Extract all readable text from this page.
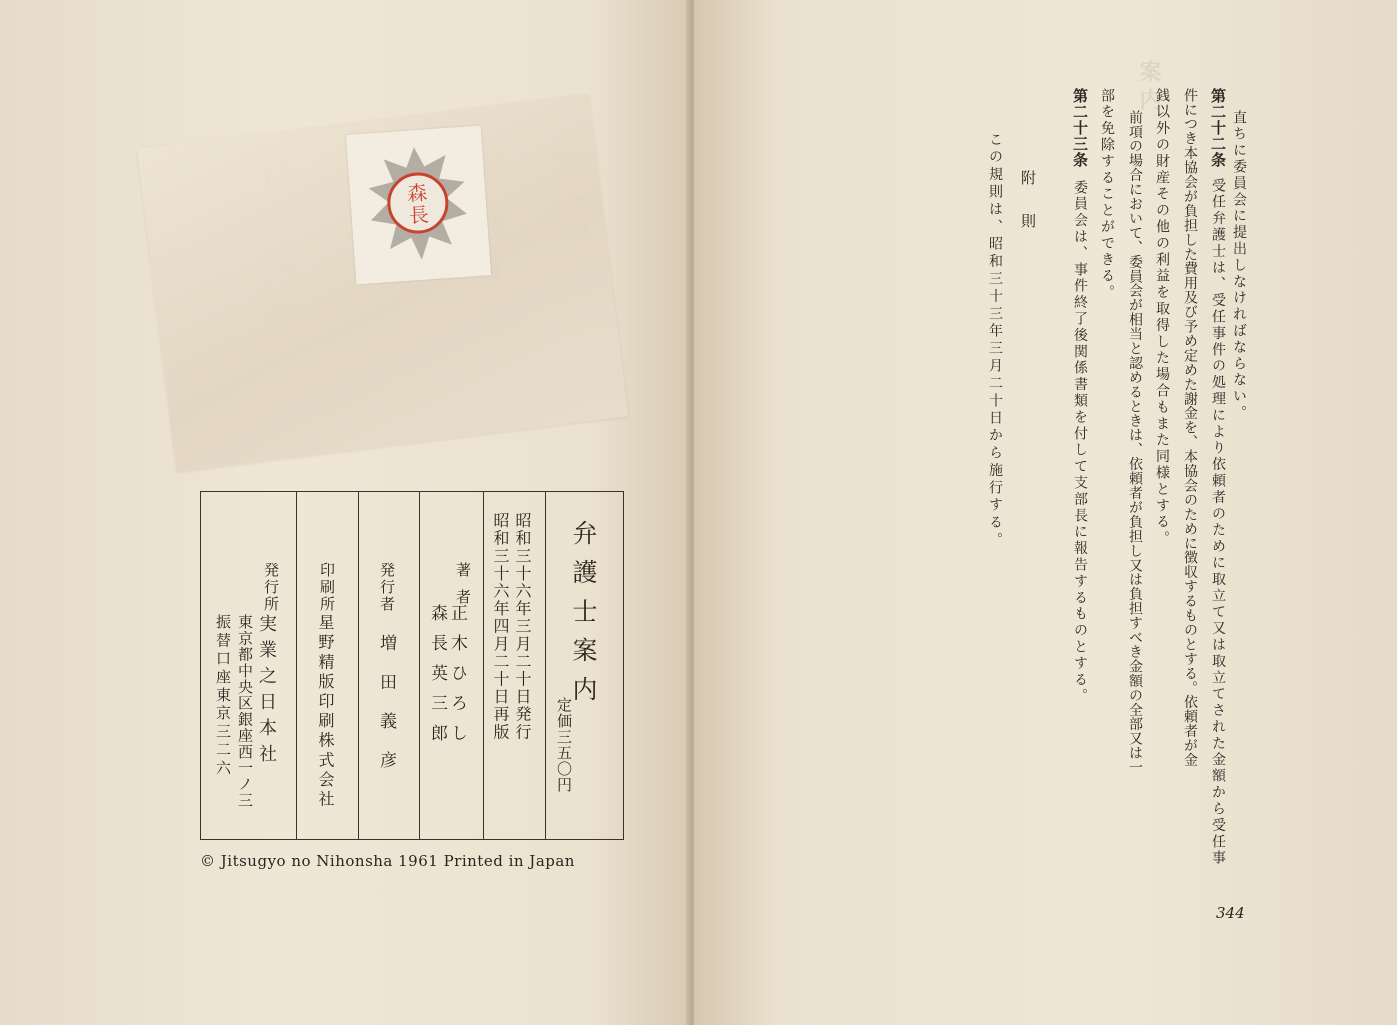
案内
森
長
弁護士案内
定価三五〇円
昭和三十六年三月二十日発行
昭和三十六年四月二十日再版
著者
正木ひろし
森長英三郎
発行者
増田義彦
印刷所
星野精版印刷株式会社
発行所
実業之日本社
東京都中央区銀座西一ノ三
振替口座東京三二六
© Jitsugyo no Nihonsha 1961 Printed in Japan
直ちに委員会に提出しなければならない。
第二十二条受任弁護士は、受任事件の処理により依頼者のために取立て又は取立てされた金額から受任事
件につき本協会が負担した費用及び予め定めた謝金を、本協会のために徴収するものとする。依頼者が金
銭以外の財産その他の利益を取得した場合もまた同様とする。
前項の場合において、委員会が相当と認めるときは、依頼者が負担し又は負担すべき金額の全部又は一
部を免除することができる。
第二十三条委員会は、事件終了後関係書類を付して支部長に報告するものとする。
附則
この規則は、昭和三十三年三月二十日から施行する。
344
